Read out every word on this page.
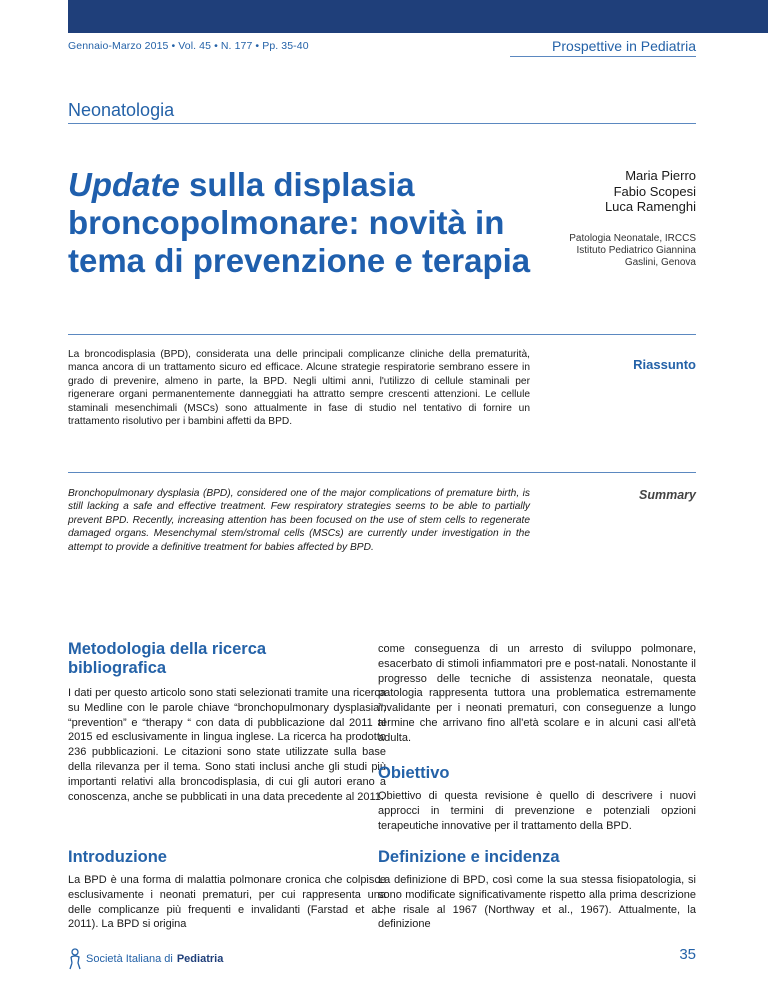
Gennaio-Marzo 2015 • Vol. 45 • N. 177 • Pp. 35-40	Prospettive in Pediatria
Neonatologia
Update sulla displasia broncopolmonare: novità in tema di prevenzione e terapia
Maria Pierro
Fabio Scopesi
Luca Ramenghi
Patologia Neonatale, IRCCS
Istituto Pediatrico Giannina
Gaslini, Genova

La broncodisplasia (BPD), considerata una delle principali complicanze cliniche della prematurità, manca ancora di un trattamento sicuro ed efficace. Alcune strategie respiratorie sembrano essere in grado di prevenire, almeno in parte, la BPD. Negli ultimi anni, l'utilizzo di cellule staminali per rigenerare organi permanentemente danneggiati ha attratto sempre crescenti attenzioni. Le cellule staminali mesenchimali (MSCs) sono attualmente in fase di studio nel tentativo di fornire un trattamento risolutivo per i bambini affetti da BPD.

Riassunto

Bronchopulmonary dysplasia (BPD), considered one of the major complications of premature birth, is still lacking a safe and effective treatment. Few respiratory strategies seems to be able to partially prevent BPD. Recently, increasing attention has been focused on the use of stem cells to regenerate damaged organs. Mesenchymal stem/stromal cells (MSCs) are currently under investigation in the attempt to provide a definitive treatment for babies affected by BPD.

Summary
Metodologia della ricerca bibliografica

I dati per questo articolo sono stati selezionati tramite una ricerca su Medline con le parole chiave “bronchopulmonary dysplasia”, “prevention” e “therapy “ con data di pubblicazione dal 2011 al 2015 ed esclusivamente in lingua inglese. La ricerca ha prodotto 236 pubblicazioni. Le citazioni sono state utilizzate sulla base della rilevanza per il tema. Sono stati inclusi anche gli studi più importanti relativi alla broncodisplasia, di cui gli autori erano a conoscenza, anche se pubblicati in una data precedente al 2011.

Introduzione

La BPD è una forma di malattia polmonare cronica che colpisce esclusivamente i neonati prematuri, per cui rappresenta una delle complicanze più frequenti e invalidanti (Farstad et al., 2011). La BPD si origina

come conseguenza di un arresto di sviluppo polmonare, esacerbato di stimoli infiammatori pre e post-natali. Nonostante il progresso delle tecniche di assistenza neonatale, questa patologia rappresenta tuttora una problematica estremamente invalidante per i neonati prematuri, con conseguenze a lungo termine che arrivano fino all'età scolare e in alcuni casi all'età adulta.

Obiettivo

Obiettivo di questa revisione è quello di descrivere i nuovi approcci in termini di prevenzione e potenziali opzioni terapeutiche innovative per il trattamento della BPD.

Definizione e incidenza

La definizione di BPD, così come la sua stessa fisiopatologia, si sono modificate significativamente rispetto alla prima descrizione che risale al 1967 (Northway et al., 1967). Attualmente, la definizione

Società Italiana di Pediatria	35
